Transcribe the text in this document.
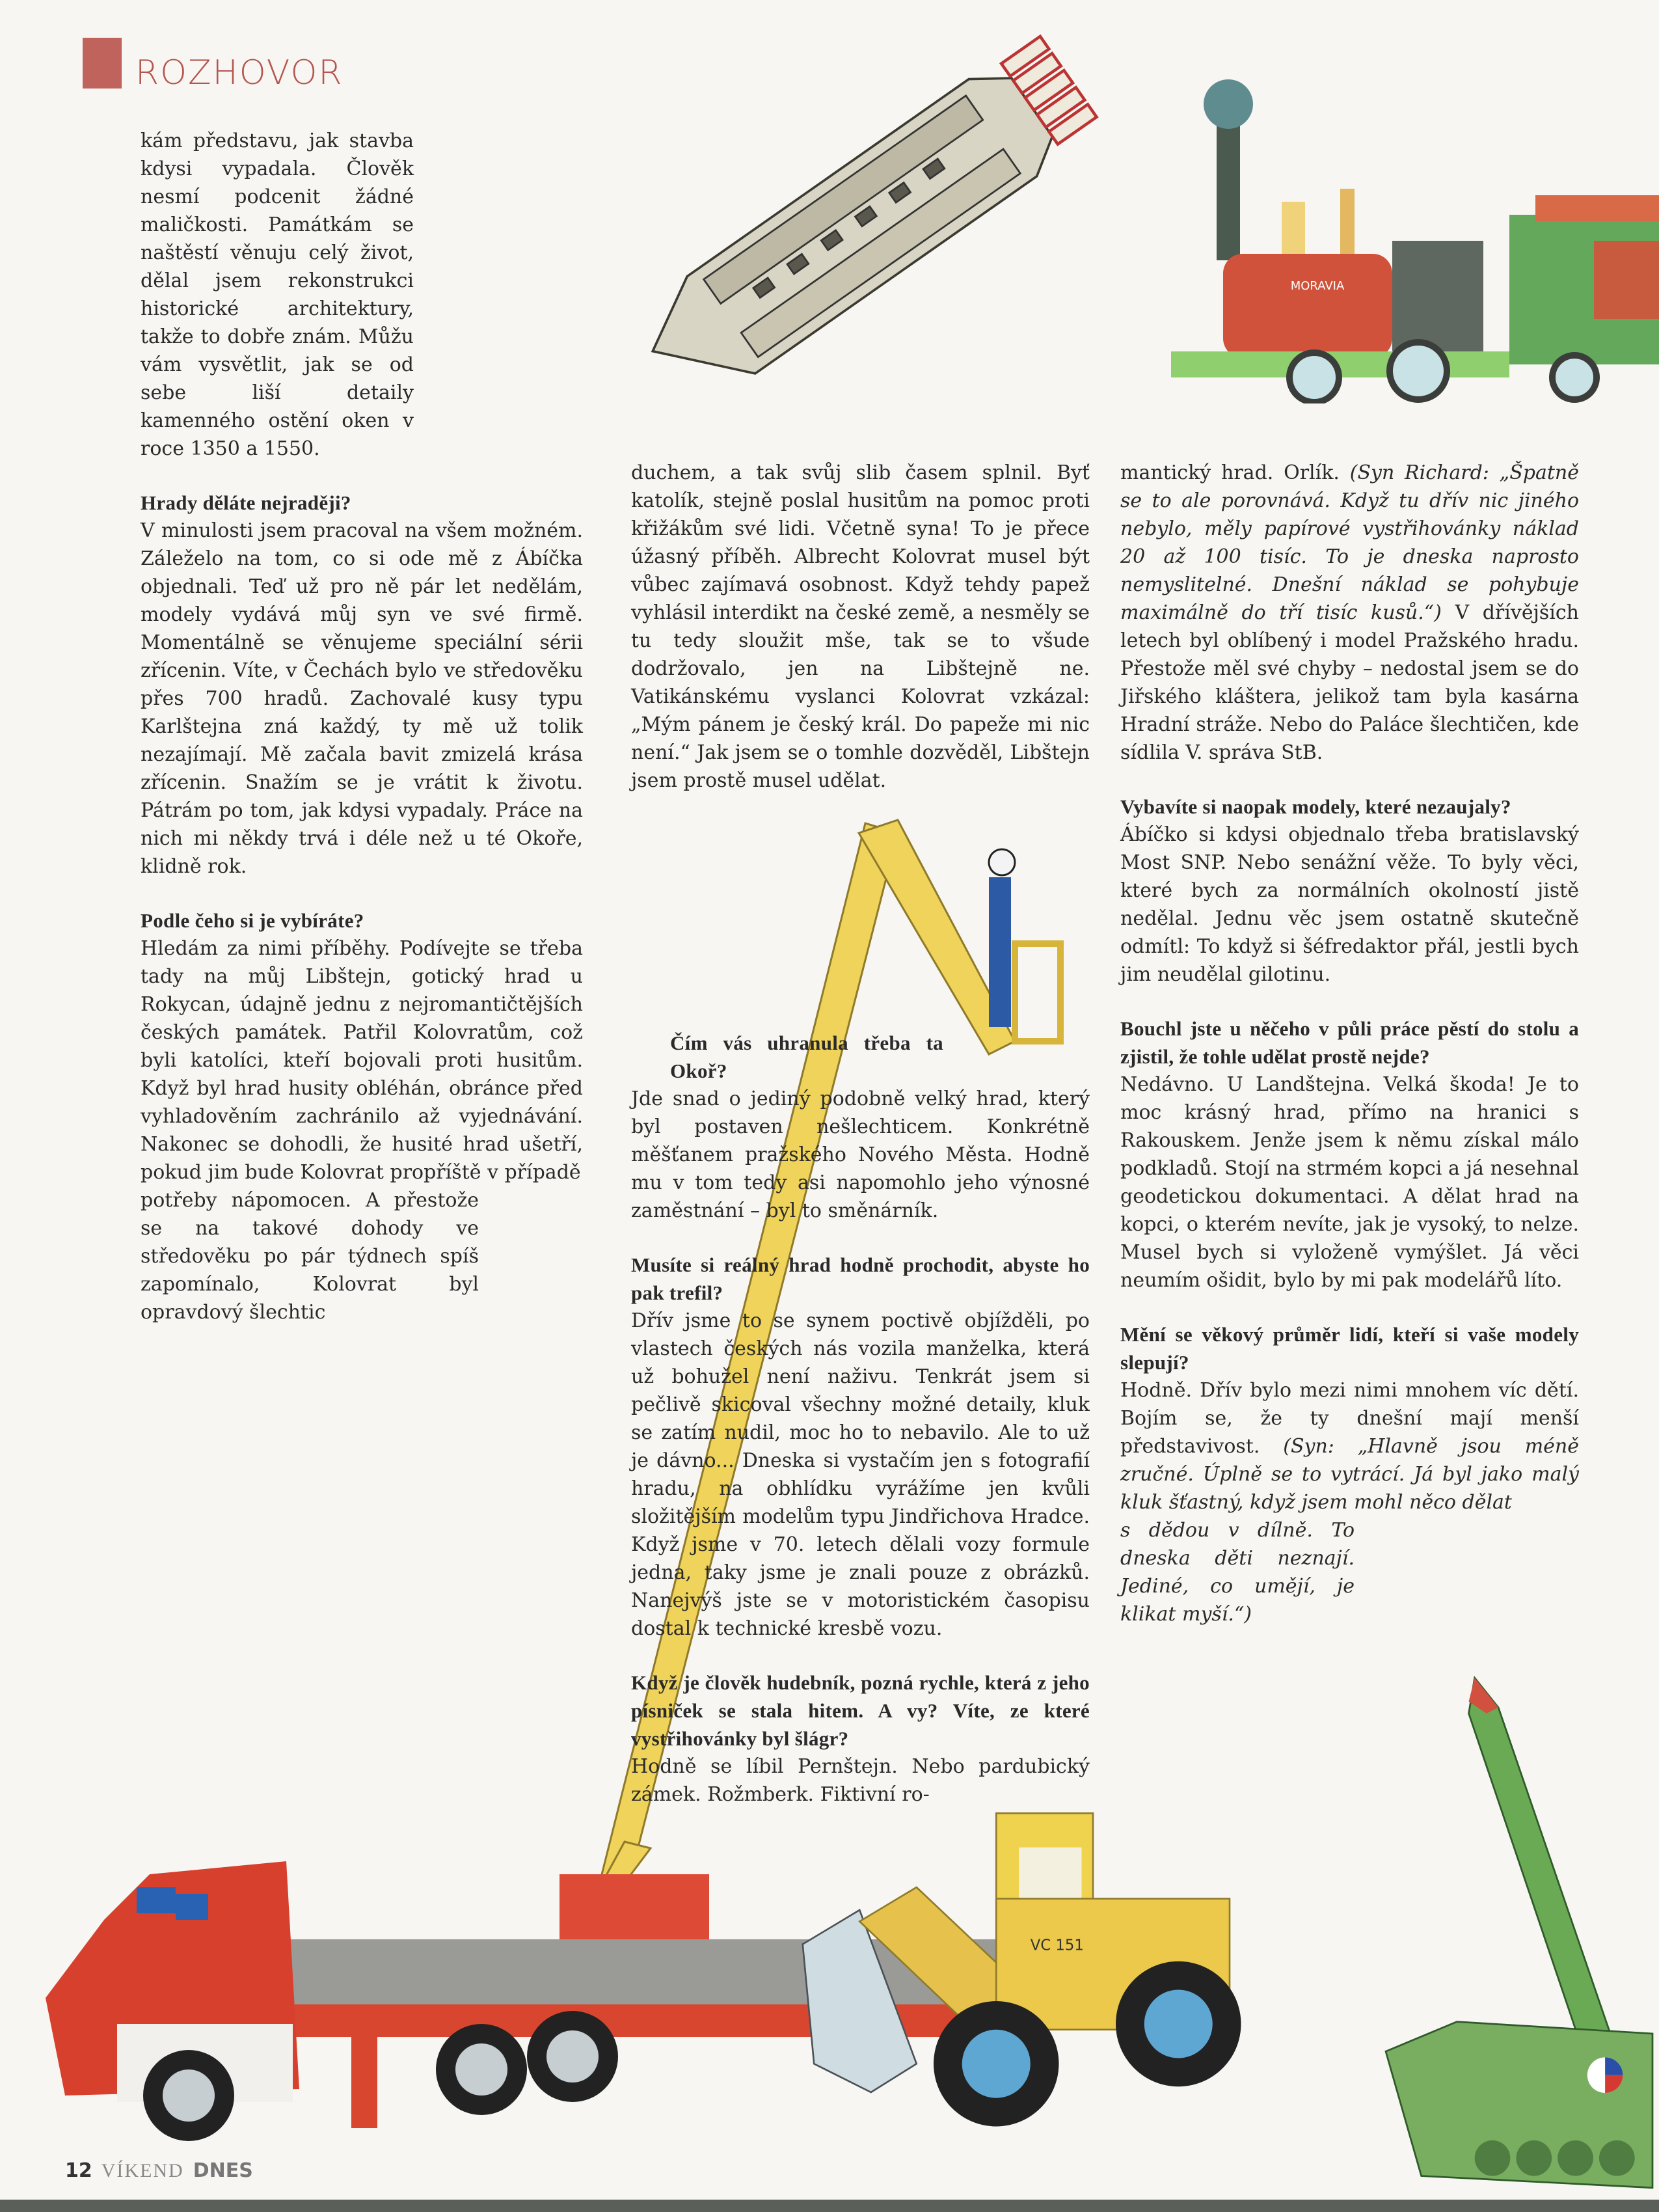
ROZHOVOR
MORAVIA
VC 151

kám představu, jak stavba kdysi vypadala. Člověk nesmí podcenit žádné maličkosti. Památkám se naštěstí věnuju celý život, dělal jsem rekonstrukci historické architektury, takže to dobře znám. Můžu vám vysvětlit, jak se od sebe liší detaily kamenného ostění oken v roce 1350 a 1550.

Hrady děláte nejraději?

V minulosti jsem pracoval na všem možném. Záleželo na tom, co si ode mě z Ábíčka objednali. Teď už pro ně pár let nedělám, modely vydává můj syn ve své firmě. Momentálně se věnujeme speciální sérii zřícenin. Víte, v Čechách bylo ve středověku přes 700 hradů. Zachovalé kusy typu Karlštejna zná každý, ty mě už tolik nezajímají. Mě začala bavit zmizelá krása zřícenin. Snažím se je vrátit k životu. Pátrám po tom, jak kdysi vypadaly. Práce na nich mi někdy trvá i déle než u té Okoře, klidně rok.

Podle čeho si je vybíráte?

Hledám za nimi příběhy. Podívejte se třeba tady na můj Libštejn, gotický hrad u Rokycan, údajně jednu z nejromantičtějších českých památek. Patřil Kolovratům, což byli katolíci, kteří bojovali proti husitům. Když byl hrad husity obléhán, obránce před vyhladověním zachránilo až vyjednávání. Nakonec se dohodli, že husité hrad ušetří, pokud jim bude Kolovrat propříště v případě

potřeby nápomocen. A přestože se na takové dohody ve středověku po pár týdnech spíš zapomínalo, Kolovrat byl opravdový šlechtic

duchem, a tak svůj slib časem splnil. Byť katolík, stejně poslal husitům na pomoc proti křižákům své lidi. Včetně syna! To je přece úžasný příběh. Albrecht Kolovrat musel být vůbec zajímavá osobnost. Když tehdy papež vyhlásil interdikt na české země, a nesměly se tu tedy sloužit mše, tak se to všude dodržovalo, jen na Libštejně ne. Vatikánskému vyslanci Kolovrat vzkázal: „Mým pánem je český král. Do papeže mi nic není.“ Jak jsem se o tomhle dozvěděl, Libštejn jsem prostě musel udělat.

Čím vás uhranula třeba ta Okoř?

Jde snad o jediný podobně velký hrad, který byl postaven nešlechticem. Konkrétně měšťanem pražského Nového Města. Hodně mu v tom tedy asi napomohlo jeho výnosné zaměstnání – byl to směnárník.

Musíte si reálný hrad hodně prochodit, abyste ho pak trefil?

Dřív jsme to se synem poctivě objížděli, po vlastech českých nás vozila manželka, která už bohužel není naživu. Tenkrát jsem si pečlivě skicoval všechny možné detaily, kluk se zatím nudil, moc ho to nebavilo. Ale to už je dávno... Dneska si vystačím jen s fotografií hradu, na obhlídku vyrážíme jen kvůli složitějším modelům typu Jindřichova Hradce. Když jsme v 70. letech dělali vozy formule jedna, taky jsme je znali pouze z obrázků. Nanejvýš jste se v motoristickém časopisu dostal k technické kresbě vozu.

Když je člověk hudebník, pozná rychle, která z jeho písniček se stala hitem. A vy? Víte, ze které vystřihovánky byl šlágr?

Hodně se líbil Pernštejn. Nebo pardubický zámek. Rožmberk. Fiktivní ro-

mantický hrad. Orlík. (Syn Richard: „Špatně se to ale porovnává. Když tu dřív nic jiného nebylo, měly papírové vystřihovánky náklad 20 až 100 tisíc. To je dneska naprosto nemyslitelné. Dnešní náklad se pohybuje maximálně do tří tisíc kusů.“) V dřívějších letech byl oblíbený i model Pražského hradu. Přestože měl své chyby – nedostal jsem se do Jiřského kláštera, jelikož tam byla kasárna Hradní stráže. Nebo do Paláce šlechtičen, kde sídlila V. správa StB.

Vybavíte si naopak modely, které nezaujaly?

Ábíčko si kdysi objednalo třeba bratislavský Most SNP. Nebo senážní věže. To byly věci, které bych za normálních okolností jistě nedělal. Jednu věc jsem ostatně skutečně odmítl: To když si šéfredaktor přál, jestli bych jim neudělal gilotinu.

Bouchl jste u něčeho v půli práce pěstí do stolu a zjistil, že tohle udělat prostě nejde?

Nedávno. U Landštejna. Velká škoda! Je to moc krásný hrad, přímo na hranici s Rakouskem. Jenže jsem k němu získal málo podkladů. Stojí na strmém kopci a já nesehnal geodetickou dokumentaci. A dělat hrad na kopci, o kterém nevíte, jak je vysoký, to nelze. Musel bych si vyloženě vymýšlet. Já věci neumím ošidit, bylo by mi pak modelářů líto.

Mění se věkový průměr lidí, kteří si vaše modely slepují?

Hodně. Dřív bylo mezi nimi mnohem víc dětí. Bojím se, že ty dnešní mají menší představivost. (Syn: „Hlavně jsou méně zručné. Úplně se to vytrácí. Já byl jako malý kluk šťastný, když jsem mohl něco dělat

s dědou v dílně. To dneska děti neznají. Jediné, co umějí, je klikat myší.“)

12 VÍKEND DNES
